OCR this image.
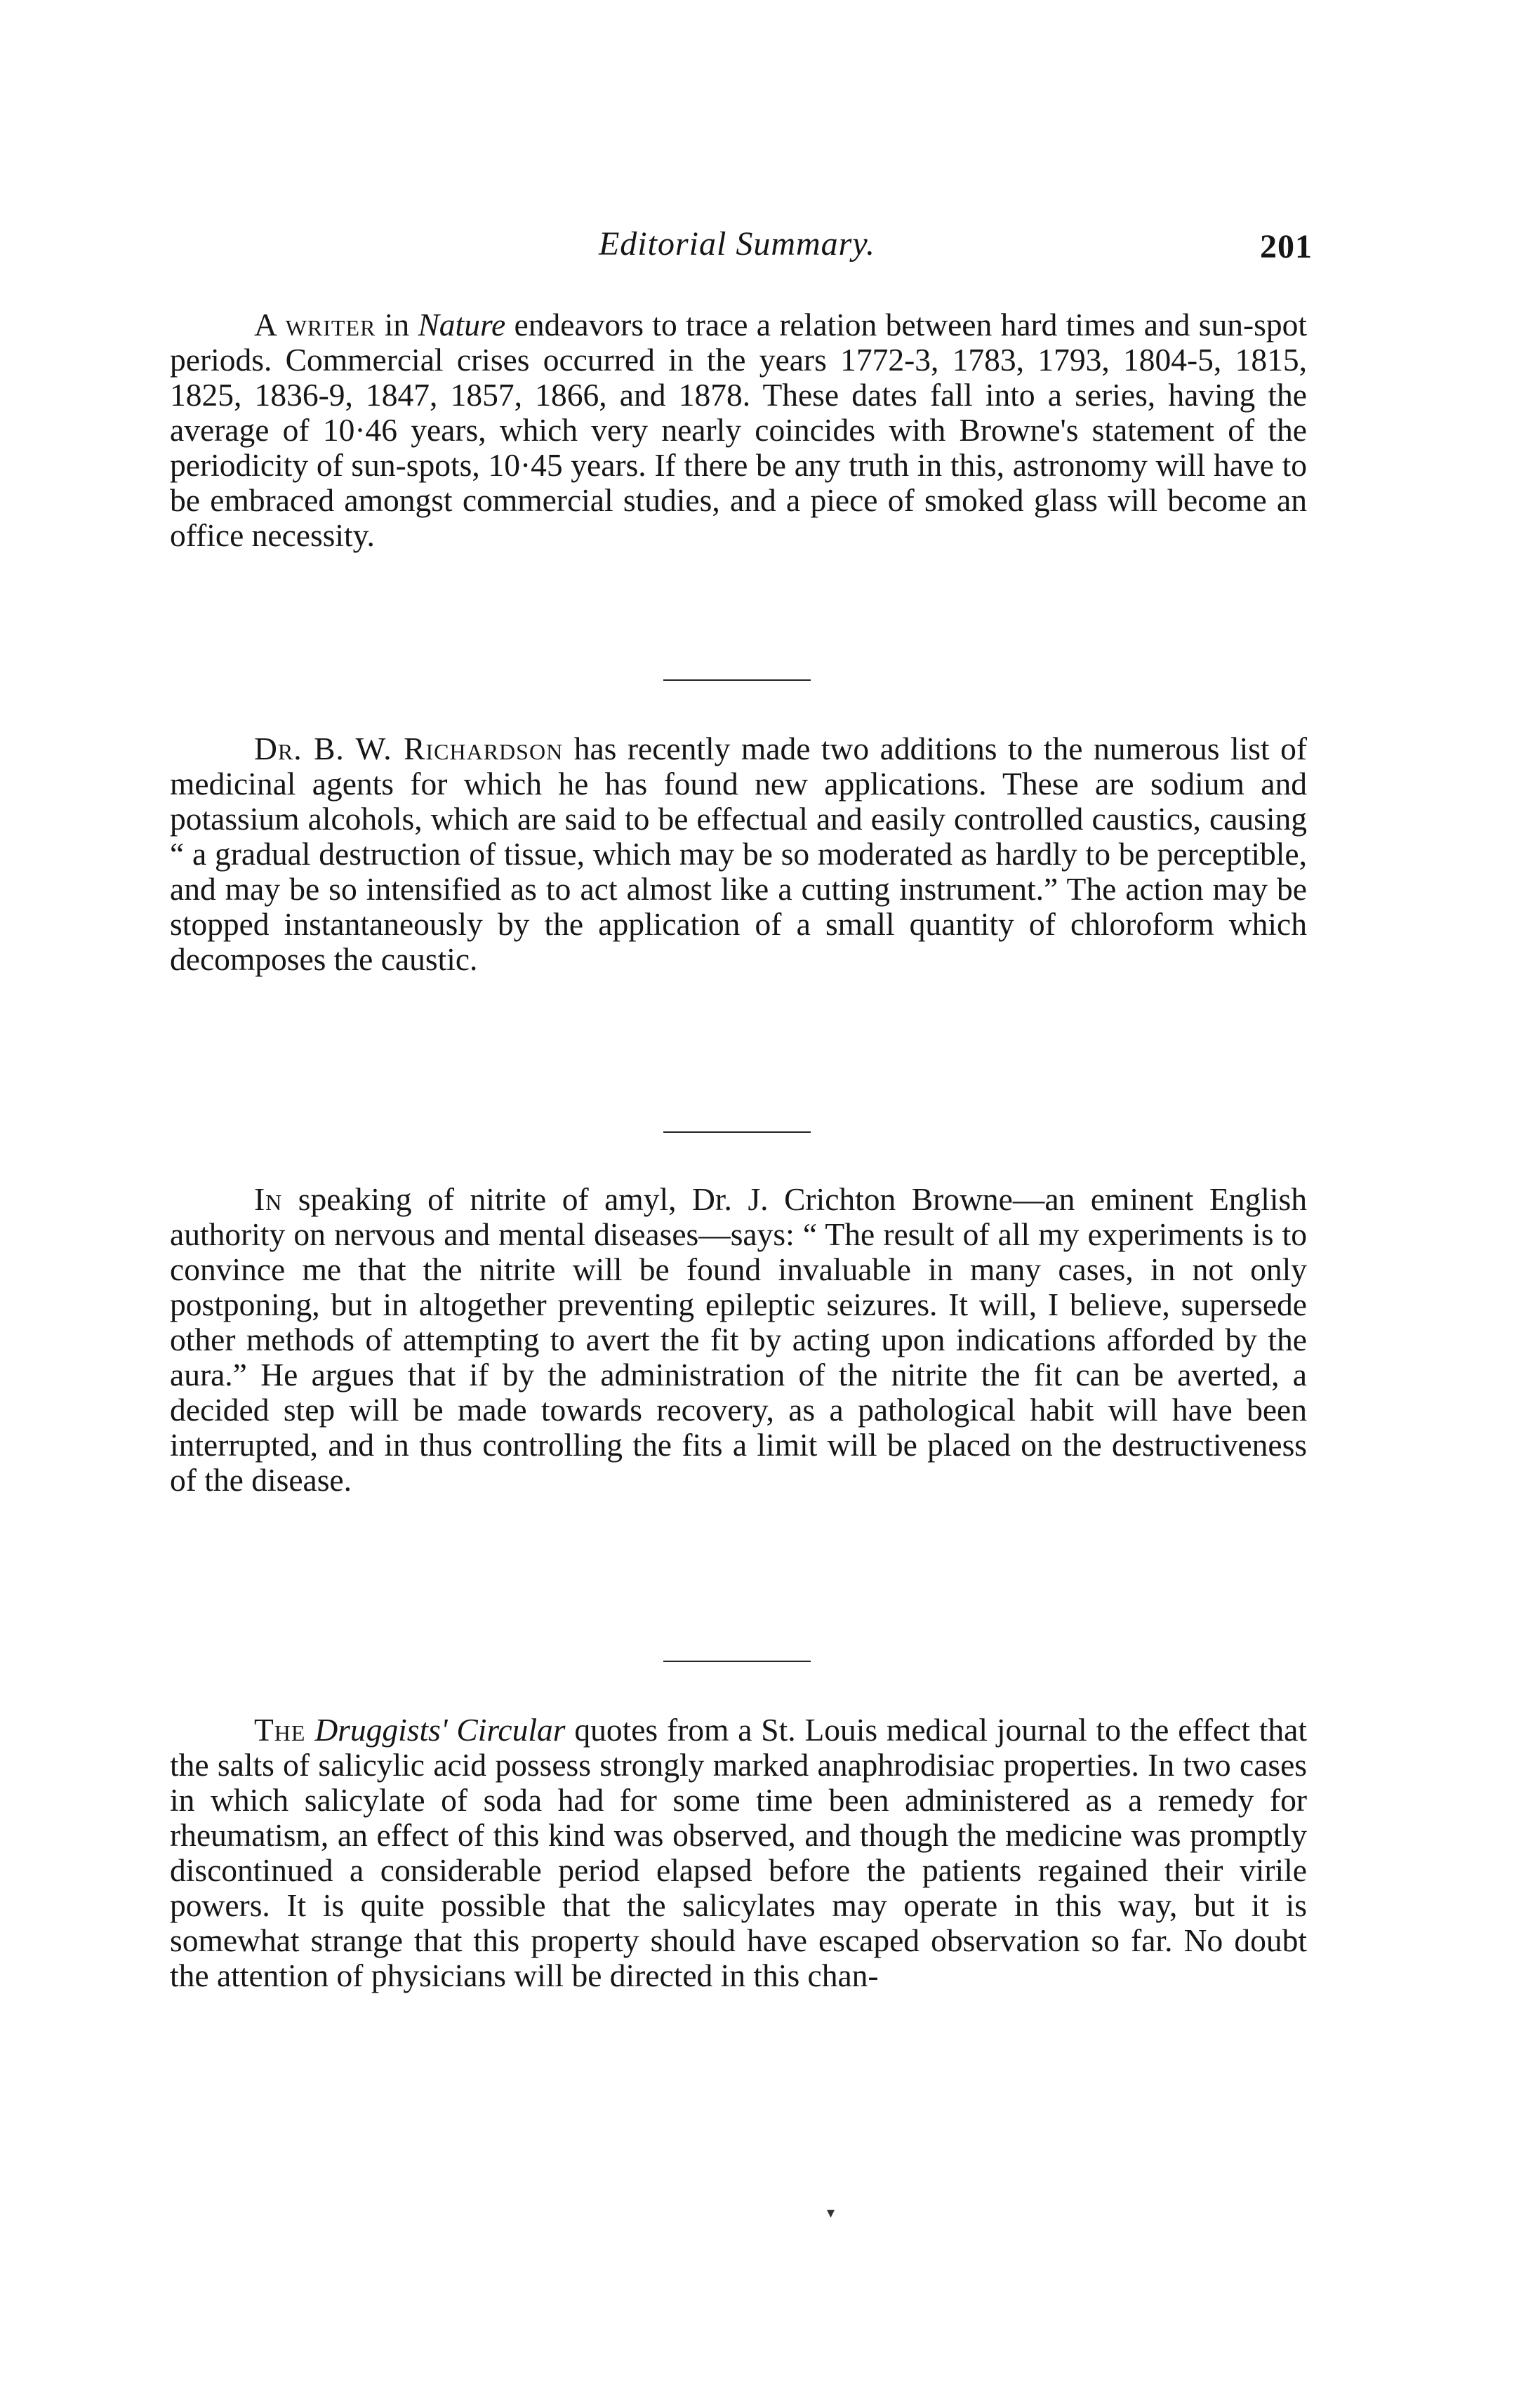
Editorial Summary.	201

A writer in Nature endeavors to trace a relation between hard times and sun-spot periods. Commercial crises occurred in the years 1772-3, 1783, 1793, 1804-5, 1815, 1825, 1836-9, 1847, 1857, 1866, and 1878. These dates fall into a series, having the average of 10·46 years, which very nearly coincides with Browne's statement of the periodicity of sun-spots, 10·45 years. If there be any truth in this, astronomy will have to be embraced amongst commercial studies, and a piece of smoked glass will become an office necessity.

Dr. B. W. Richardson has recently made two additions to the numerous list of medicinal agents for which he has found new applications. These are sodium and potassium alcohols, which are said to be effectual and easily controlled caustics, causing “ a gradual destruction of tissue, which may be so moderated as hardly to be perceptible, and may be so intensified as to act almost like a cutting instrument.” The action may be stopped instantaneously by the application of a small quantity of chloroform which decomposes the caustic.

In speaking of nitrite of amyl, Dr. J. Crichton Browne—an eminent English authority on nervous and mental diseases—says: “ The result of all my experiments is to convince me that the nitrite will be found invaluable in many cases, in not only postponing, but in altogether preventing epileptic seizures. It will, I believe, supersede other methods of attempting to avert the fit by acting upon indications afforded by the aura.” He argues that if by the administration of the nitrite the fit can be averted, a decided step will be made towards recovery, as a pathological habit will have been interrupted, and in thus controlling the fits a limit will be placed on the destructiveness of the disease.

The Druggists' Circular quotes from a St. Louis medical journal to the effect that the salts of salicylic acid possess strongly marked anaphrodisiac properties. In two cases in which salicylate of soda had for some time been administered as a remedy for rheumatism, an effect of this kind was observed, and though the medicine was promptly discontinued a considerable period elapsed before the patients regained their virile powers. It is quite possible that the salicylates may operate in this way, but it is somewhat strange that this property should have escaped observation so far. No doubt the attention of physicians will be directed in this chan-

▾
